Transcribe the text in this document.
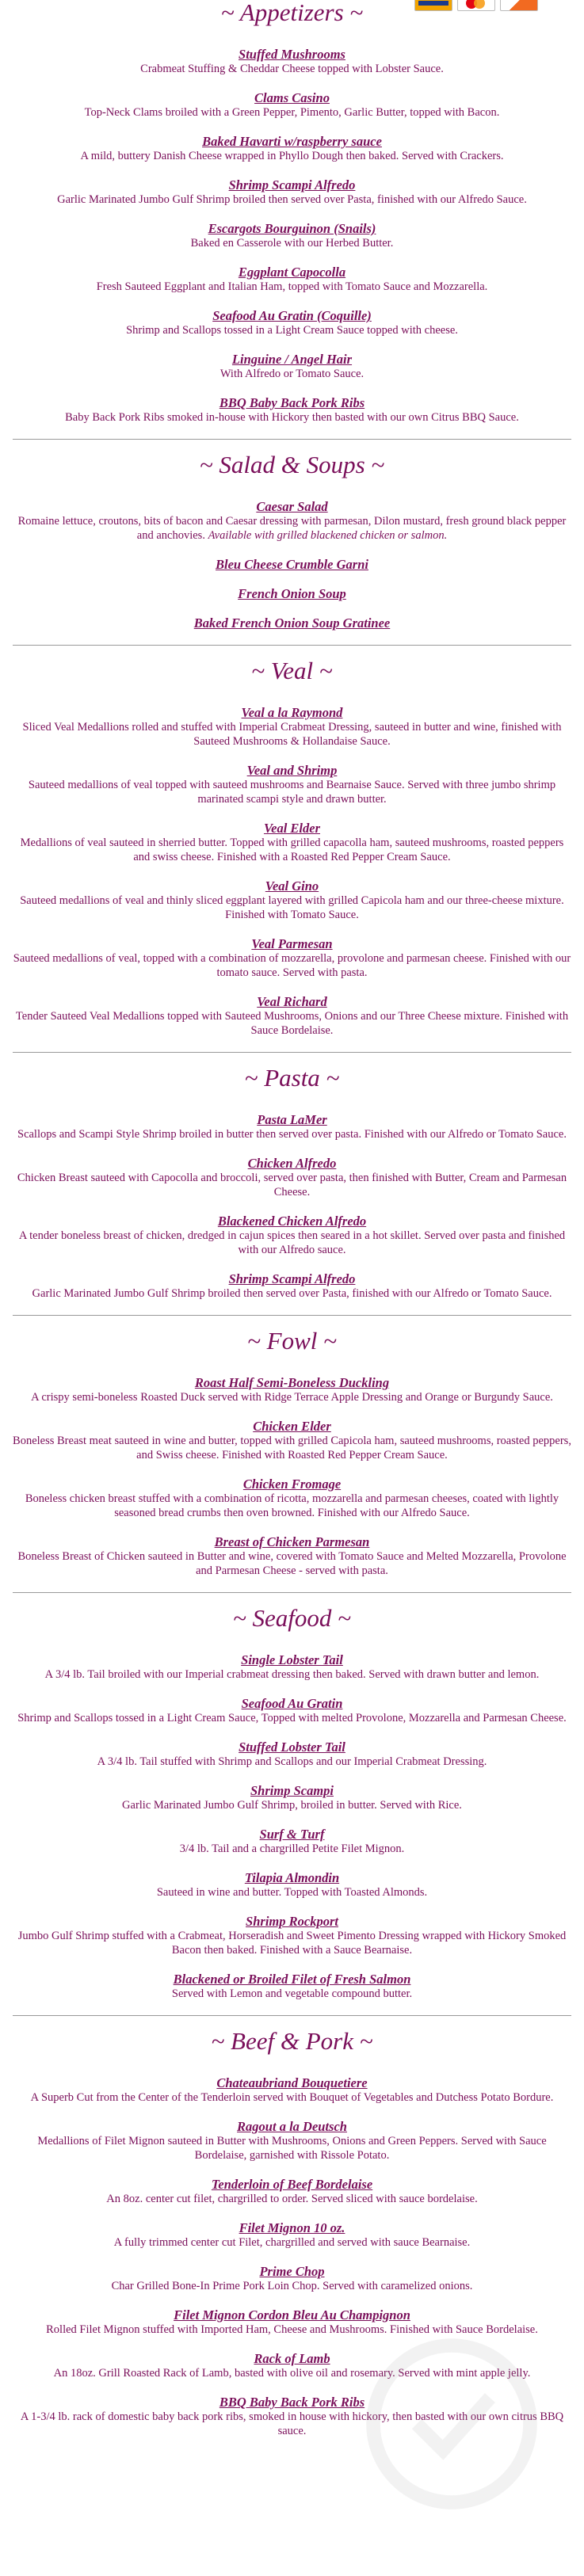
~ Appetizers ~

Stuffed Mushrooms

Crabmeat Stuffing & Cheddar Cheese topped with Lobster Sauce.

Clams Casino

Top-Neck Clams broiled with a Green Pepper, Pimento, Garlic Butter, topped with Bacon.

Baked Havarti w/raspberry sauce

A mild, buttery Danish Cheese wrapped in Phyllo Dough then baked. Served with Crackers.

Shrimp Scampi Alfredo

Garlic Marinated Jumbo Gulf Shrimp broiled then served over Pasta, finished with our Alfredo Sauce.

Escargots Bourguinon (Snails)

Baked en Casserole with our Herbed Butter.

Eggplant Capocolla

Fresh Sauteed Eggplant and Italian Ham, topped with Tomato Sauce and Mozzarella.

Seafood Au Gratin (Coquille)

Shrimp and Scallops tossed in a Light Cream Sauce topped with cheese.

Linguine / Angel Hair

With Alfredo or Tomato Sauce.

BBQ Baby Back Pork Ribs

Baby Back Pork Ribs smoked in-house with Hickory then basted with our own Citrus BBQ Sauce.

~ Salad & Soups ~

Caesar Salad

Romaine lettuce, croutons, bits of bacon and Caesar dressing with parmesan, Dilon mustard, fresh ground black pepper and anchovies. Available with grilled blackened chicken or salmon.

Bleu Cheese Crumble Garni

French Onion Soup

Baked French Onion Soup Gratinee

~ Veal ~

Veal a la Raymond

Sliced Veal Medallions rolled and stuffed with Imperial Crabmeat Dressing, sauteed in butter and wine, finished with Sauteed Mushrooms & Hollandaise Sauce.

Veal and Shrimp

Sauteed medallions of veal topped with sauteed mushrooms and Bearnaise Sauce. Served with three jumbo shrimp marinated scampi style and drawn butter.

Veal Elder

Medallions of veal sauteed in sherried butter. Topped with grilled capacolla ham, sauteed mushrooms, roasted peppers and swiss cheese. Finished with a Roasted Red Pepper Cream Sauce.

Veal Gino

Sauteed medallions of veal and thinly sliced eggplant layered with grilled Capicola ham and our three-cheese mixture. Finished with Tomato Sauce.

Veal Parmesan

Sauteed medallions of veal, topped with a combination of mozzarella, provolone and parmesan cheese. Finished with our tomato sauce. Served with pasta.

Veal Richard

Tender Sauteed Veal Medallions topped with Sauteed Mushrooms, Onions and our Three Cheese mixture. Finished with Sauce Bordelaise.

~ Pasta ~

Pasta LaMer

Scallops and Scampi Style Shrimp broiled in butter then served over pasta. Finished with our Alfredo or Tomato Sauce.

Chicken Alfredo

Chicken Breast sauteed with Capocolla and broccoli, served over pasta, then finished with Butter, Cream and Parmesan Cheese.

Blackened Chicken Alfredo

A tender boneless breast of chicken, dredged in cajun spices then seared in a hot skillet. Served over pasta and finished with our Alfredo sauce.

Shrimp Scampi Alfredo

Garlic Marinated Jumbo Gulf Shrimp broiled then served over Pasta, finished with our Alfredo or Tomato Sauce.

~ Fowl ~

Roast Half Semi-Boneless Duckling

A crispy semi-boneless Roasted Duck served with Ridge Terrace Apple Dressing and Orange or Burgundy Sauce.

Chicken Elder

Boneless Breast meat sauteed in wine and butter, topped with grilled Capicola ham, sauteed mushrooms, roasted peppers, and Swiss cheese. Finished with Roasted Red Pepper Cream Sauce.

Chicken Fromage

Boneless chicken breast stuffed with a combination of ricotta, mozzarella and parmesan cheeses, coated with lightly seasoned bread crumbs then oven browned. Finished with our Alfredo Sauce.

Breast of Chicken Parmesan

Boneless Breast of Chicken sauteed in Butter and wine, covered with Tomato Sauce and Melted Mozzarella, Provolone and Parmesan Cheese - served with pasta.

~ Seafood ~

Single Lobster Tail

A 3/4 lb. Tail broiled with our Imperial crabmeat dressing then baked. Served with drawn butter and lemon.

Seafood Au Gratin

Shrimp and Scallops tossed in a Light Cream Sauce, Topped with melted Provolone, Mozzarella and Parmesan Cheese.

Stuffed Lobster Tail

A 3/4 lb. Tail stuffed with Shrimp and Scallops and our Imperial Crabmeat Dressing.

Shrimp Scampi

Garlic Marinated Jumbo Gulf Shrimp, broiled in butter. Served with Rice.

Surf & Turf

3/4 lb. Tail and a chargrilled Petite Filet Mignon.

Tilapia Almondin

Sauteed in wine and butter. Topped with Toasted Almonds.

Shrimp Rockport

Jumbo Gulf Shrimp stuffed with a Crabmeat, Horseradish and Sweet Pimento Dressing wrapped with Hickory Smoked Bacon then baked. Finished with a Sauce Bearnaise.

Blackened or Broiled Filet of Fresh Salmon

Served with Lemon and vegetable compound butter.

~ Beef & Pork ~

Chateaubriand Bouquetiere

A Superb Cut from the Center of the Tenderloin served with Bouquet of Vegetables and Dutchess Potato Bordure.

Ragout a la Deutsch

Medallions of Filet Mignon sauteed in Butter with Mushrooms, Onions and Green Peppers. Served with Sauce Bordelaise, garnished with Rissole Potato.

Tenderloin of Beef Bordelaise

An 8oz. center cut filet, chargrilled to order. Served sliced with sauce bordelaise.

Filet Mignon 10 oz.

A fully trimmed center cut Filet, chargrilled and served with sauce Bearnaise.

Prime Chop

Char Grilled Bone-In Prime Pork Loin Chop. Served with caramelized onions.

Filet Mignon Cordon Bleu Au Champignon

Rolled Filet Mignon stuffed with Imported Ham, Cheese and Mushrooms. Finished with Sauce Bordelaise.

Rack of Lamb

An 18oz. Grill Roasted Rack of Lamb, basted with olive oil and rosemary. Served with mint apple jelly.

BBQ Baby Back Pork Ribs

A 1-3/4 lb. rack of domestic baby back pork ribs, smoked in house with hickory, then basted with our own citrus BBQ sauce.
